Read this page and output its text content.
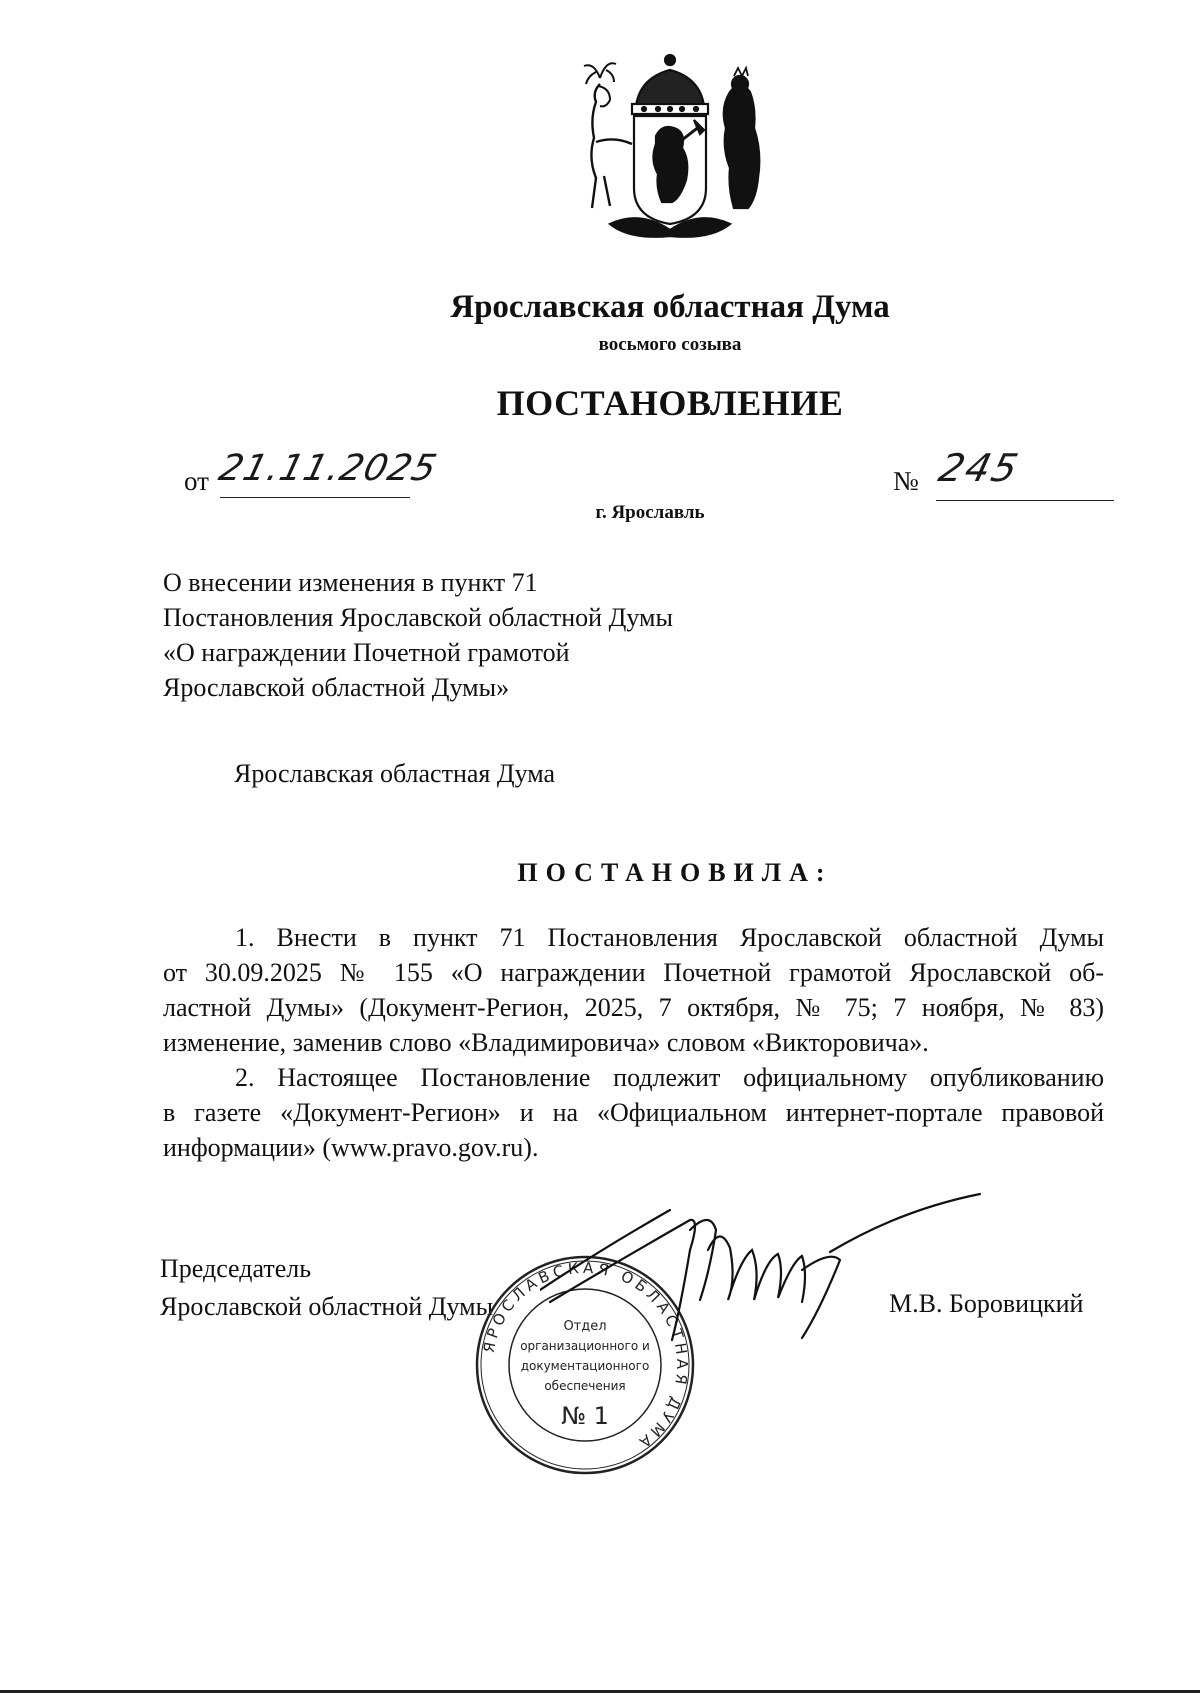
Ярославская областная Дума
восьмого созыва
ПОСТАНОВЛЕНИЕ
от 21.11.2025	№ 245
г. Ярославль
О внесении изменения в пункт 71
Постановления Ярославской областной Думы
«О награждении Почетной грамотой
Ярославской областной Думы»
Ярославская областная Дума
ПОСТАНОВИЛА:

1. Внести в пункт 71 Постановления Ярославской областной Думы
от 30.09.2025 № 155 «О награждении Почетной грамотой Ярославской об-
ластной Думы» (Документ-Регион, 2025, 7 октября, № 75; 7 ноября, № 83)
изменение, заменив слово «Владимировича» словом «Викторовича».

2. Настоящее Постановление подлежит официальному опубликованию
в газете «Документ-Регион» и на «Официальном интернет-портале правовой
информации» (www.pravo.gov.ru).

Председатель
Ярославской областной Думы	М.В. Боровицкий
ЯРОСЛАВСКАЯ ОБЛАСТНАЯ ДУМА
Отдел
организационного и
документационного
обеспечения
№ 1
